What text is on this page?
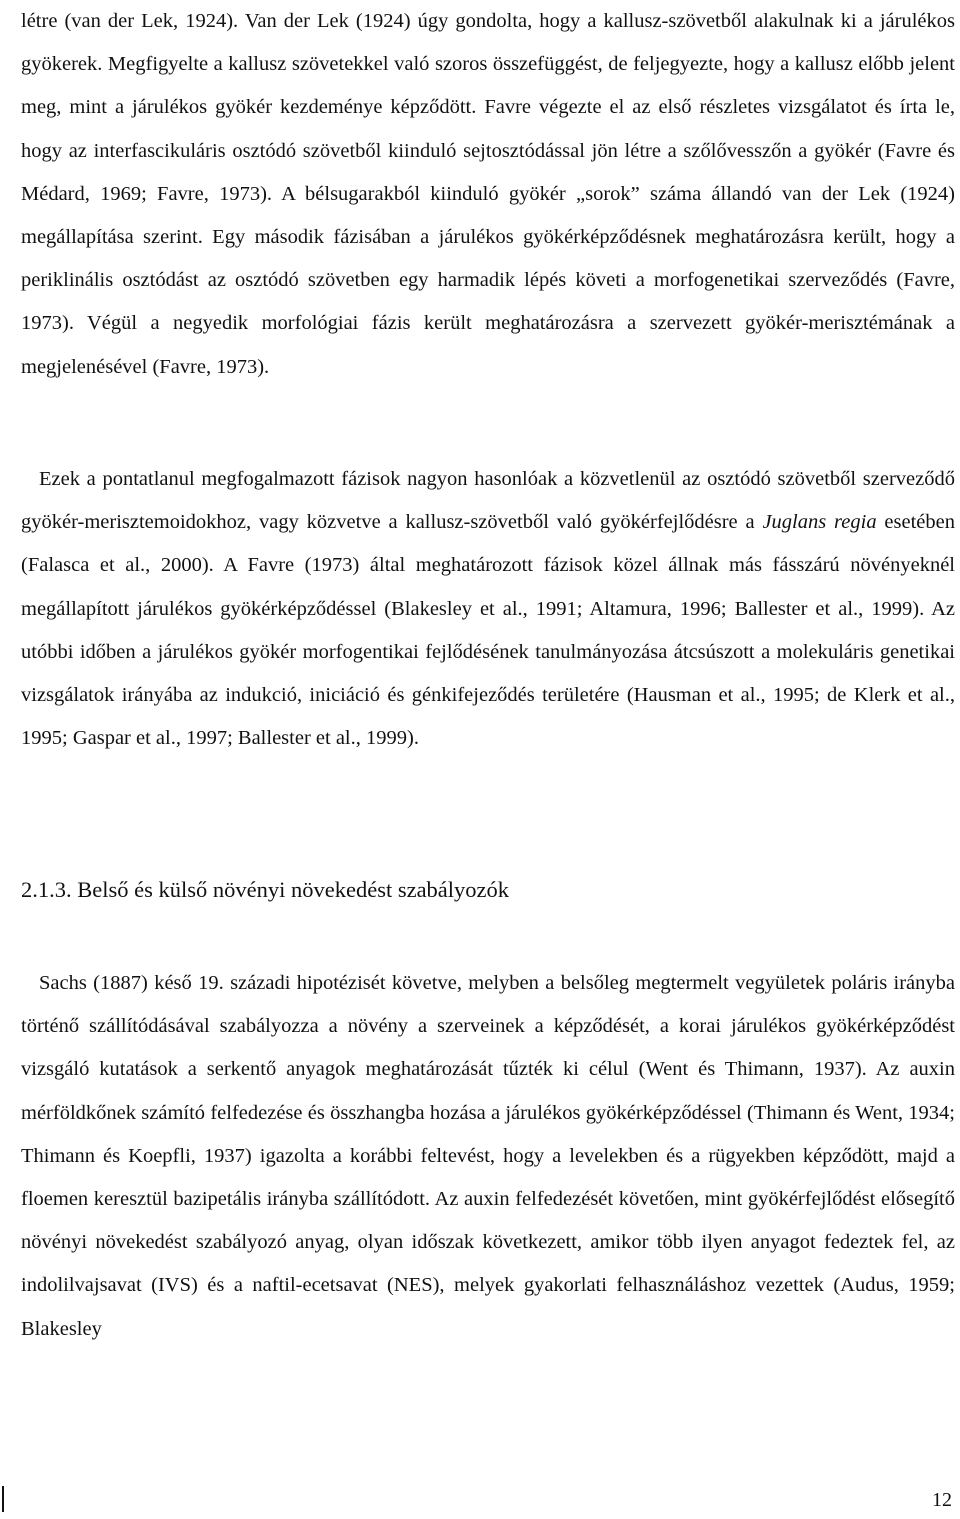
létre (van der Lek, 1924). Van der Lek (1924) úgy gondolta, hogy a kallusz-szövetből alakulnak ki a járulékos gyökerek. Megfigyelte a kallusz szövetekkel való szoros összefüggést, de feljegyezte, hogy a kallusz előbb jelent meg, mint a járulékos gyökér kezdeménye képződött. Favre végezte el az első részletes vizsgálatot és írta le, hogy az interfascikuláris osztódó szövetből kiinduló sejtosztódással jön létre a szőlővesszőn a gyökér (Favre és Médard, 1969; Favre, 1973). A bélsugarakból kiinduló gyökér „sorok” száma állandó van der Lek (1924) megállapítása szerint. Egy második fázisában a járulékos gyökérképződésnek meghatározásra került, hogy a periklinális osztódást az osztódó szövetben egy harmadik lépés követi a morfogenetikai szerveződés (Favre, 1973). Végül a negyedik morfológiai fázis került meghatározásra a szervezett gyökér-merisztémának a megjelenésével (Favre, 1973).

Ezek a pontatlanul megfogalmazott fázisok nagyon hasonlóak a közvetlenül az osztódó szövetből szerveződő gyökér-merisztemoidokhoz, vagy közvetve a kallusz-szövetből való gyökérfejlődésre a Juglans regia esetében (Falasca et al., 2000). A Favre (1973) által meghatározott fázisok közel állnak más fásszárú növényeknél megállapított járulékos gyökérképződéssel (Blakesley et al., 1991; Altamura, 1996; Ballester et al., 1999). Az utóbbi időben a járulékos gyökér morfogentikai fejlődésének tanulmányozása átcsúszott a molekuláris genetikai vizsgálatok irányába az indukció, iniciáció és génkifejeződés területére (Hausman et al., 1995; de Klerk et al., 1995; Gaspar et al., 1997; Ballester et al., 1999).

2.1.3. Belső és külső növényi növekedést szabályozók

Sachs (1887) késő 19. századi hipotézisét követve, melyben a belsőleg megtermelt vegyületek poláris irányba történő szállítódásával szabályozza a növény a szerveinek a képződését, a korai járulékos gyökérképződést vizsgáló kutatások a serkentő anyagok meghatározását tűzték ki célul (Went és Thimann, 1937). Az auxin mérföldkőnek számító felfedezése és összhangba hozása a járulékos gyökérképződéssel (Thimann és Went, 1934; Thimann és Koepfli, 1937) igazolta a korábbi feltevést, hogy a levelekben és a rügyekben képződött, majd a floemen keresztül bazipetális irányba szállítódott. Az auxin felfedezését követően, mint gyökérfejlődést elősegítő növényi növekedést szabályozó anyag, olyan időszak következett, amikor több ilyen anyagot fedeztek fel, az indolilvajsavat (IVS) és a naftil-ecetsavat (NES), melyek gyakorlati felhasználáshoz vezettek (Audus, 1959; Blakesley

12
